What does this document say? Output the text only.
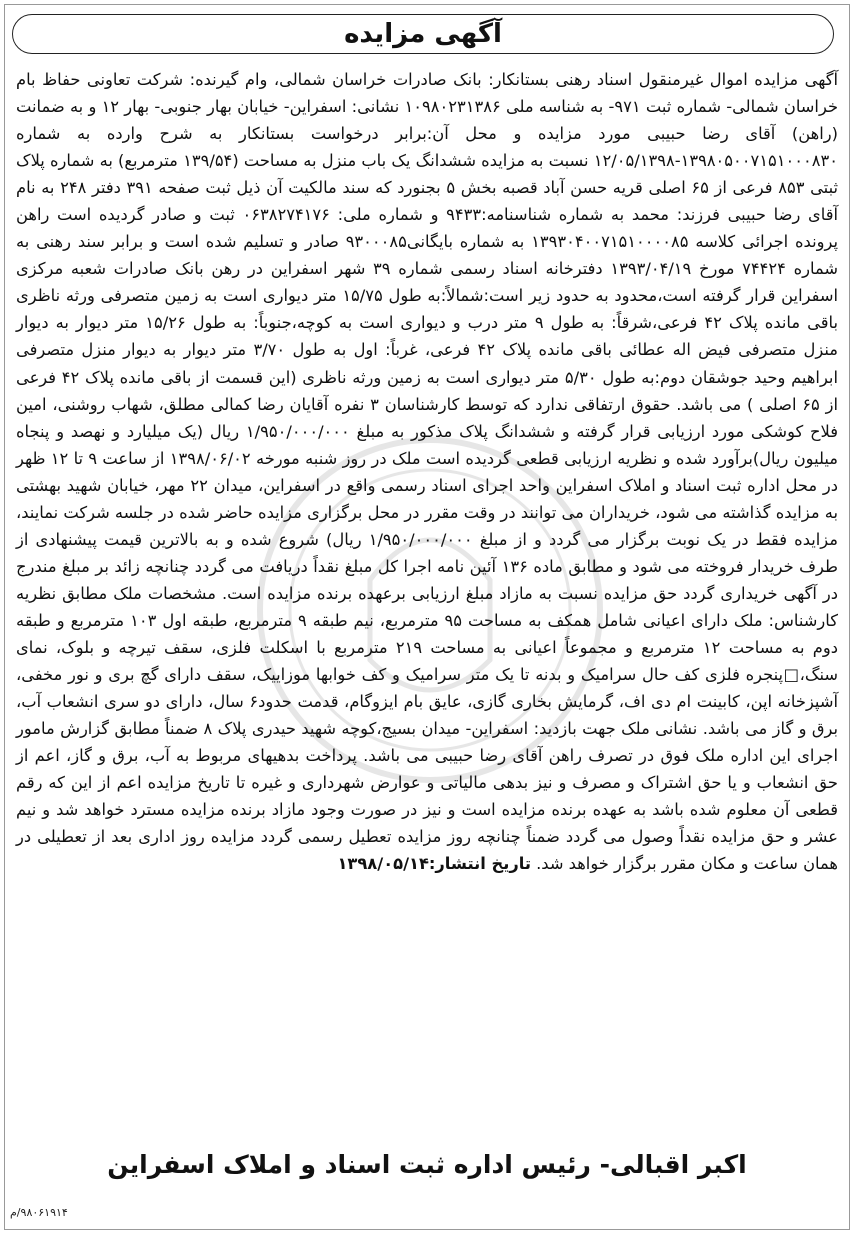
آگهی مزایده

آگهی مزایده اموال غیرمنقول اسناد رهنی بستانکار: بانک صادرات خراسان شمالی، وام گیرنده: شرکت تعاونی حفاظ بام خراسان شمالی- شماره ثبت ۹۷۱- به شناسه ملی ۱۰۹۸۰۲۳۱۳۸۶ نشانی: اسفراین- خیابان بهار جنوبی- بهار ۱۲ و به ضمانت (راهن) آقای رضا حبیبی مورد مزایده و محل آن:برابر درخواست بستانکار به شرح وارده به شماره ۱۳۹۸۰۵۰۰۷۱۵۱۰۰۰۸۳۰-۱۲/۰۵/۱۳۹۸ نسبت به مزایده ششدانگ یک باب منزل به مساحت (۱۳۹/۵۴ مترمربع) به شماره پلاک ثبتی ۸۵۳ فرعی از ۶۵ اصلی قریه حسن آباد قصبه بخش ۵ بجنورد که سند مالکیت آن ذیل ثبت صفحه ۳۹۱ دفتر ۲۴۸ به نام آقای رضا حبیبی فرزند: محمد به شماره شناسنامه:۹۴۳۳ و شماره ملی: ۰۶۳۸۲۷۴۱۷۶ ثبت و صادر گردیده است راهن پرونده اجرائی کلاسه ۱۳۹۳۰۴۰۰۷۱۵۱۰۰۰۰۸۵ به شماره بایگانی۹۳۰۰۰۸۵ صادر و تسلیم شده است و برابر سند رهنی به شماره ۷۴۴۲۴ مورخ ۱۳۹۳/۰۴/۱۹ دفترخانه اسناد رسمی شماره ۳۹ شهر اسفراین در رهن بانک صادرات شعبه مرکزی اسفراین قرار گرفته است،محدود به حدود زیر است:شمالاً:به طول ۱۵/۷۵ متر دیواری است به زمین متصرفی ورثه ناظری باقی مانده پلاک ۴۲ فرعی،شرقاً: به طول ۹ متر درب و دیواری است به کوچه،جنوباً: به طول ۱۵/۲۶ متر دیوار به دیوار منزل متصرفی فیض اله عطائی باقی مانده پلاک ۴۲ فرعی، غرباً: اول به طول ۳/۷۰ متر دیوار به دیوار منزل متصرفی ابراهیم وحید جوشقان دوم:به طول ۵/۳۰ متر دیواری است به زمین ورثه ناظری (این قسمت از باقی مانده پلاک ۴۲ فرعی از ۶۵ اصلی ) می باشد. حقوق ارتفاقی ندارد که توسط کارشناسان ۳ نفره آقایان رضا کمالی مطلق، شهاب روشنی، امین فلاح کوشکی مورد ارزیابی قرار گرفته و ششدانگ پلاک مذکور به مبلغ ۱/۹۵۰/۰۰۰/۰۰۰ ریال (یک میلیارد و نهصد و پنجاه میلیون ریال)برآورد شده و نظریه ارزیابی قطعی گردیده است ملک در روز شنبه مورخه ۱۳۹۸/۰۶/۰۲ از ساعت ۹ تا ۱۲ ظهر در محل اداره ثبت اسناد و املاک اسفراین واحد اجرای اسناد رسمی واقع در اسفراین، میدان ۲۲ مهر، خیابان شهید بهشتی به مزایده گذاشته می شود، خریداران می توانند در وقت مقرر در محل برگزاری مزایده حاضر شده در جلسه شرکت نمایند، مزایده فقط در یک نوبت برگزار می گردد و از مبلغ ۱/۹۵۰/۰۰۰/۰۰۰ ریال) شروع شده و به بالاترین قیمت پیشنهادی از طرف خریدار فروخته می شود و مطابق ماده ۱۳۶ آئین نامه اجرا کل مبلغ نقداً دریافت می گردد چنانچه زائد بر مبلغ مندرج در آگهی خریداری گردد حق مزایده نسبت به مازاد مبلغ ارزیابی برعهده برنده مزایده است. مشخصات ملک مطابق نظریه کارشناس: ملک دارای اعیانی شامل همکف به مساحت ۹۵ مترمربع، نیم طبقه ۹ مترمربع، طبقه اول ۱۰۳ مترمربع و طبقه دوم به مساحت ۱۲ مترمربع و مجموعاً اعیانی به مساحت ۲۱۹ مترمربع با اسکلت فلزی، سقف تیرچه و بلوک، نمای سنگ،□پنجره فلزی کف حال سرامیک و بدنه تا یک متر سرامیک و کف خوابها موزاییک، سقف دارای گچ بری و نور مخفی، آشپزخانه اپن، کابینت ام دی اف، گرمایش بخاری گازی، عایق بام ایزوگام، قدمت حدود۶ سال، دارای دو سری انشعاب آب، برق و گاز می باشد. نشانی ملک جهت بازدید: اسفراین- میدان بسیج،کوچه شهید حیدری پلاک ۸ ضمناً مطابق گزارش مامور اجرای این اداره ملک فوق در تصرف راهن آقای رضا حبیبی می باشد. پرداخت بدهیهای مربوط به آب، برق و گاز، اعم از حق انشعاب و یا حق اشتراک و مصرف و نیز بدهی مالیاتی و عوارض شهرداری و غیره تا تاریخ مزایده اعم از این که رقم قطعی آن معلوم شده باشد به عهده برنده مزایده است و نیز در صورت وجود مازاد برنده مزایده مسترد خواهد شد و نیم عشر و حق مزایده نقداً وصول می گردد ضمناً چنانچه روز مزایده تعطیل رسمی گردد مزایده روز اداری بعد از تعطیلی در همان ساعت و مکان مقرر برگزار خواهد شد. تاریخ انتشار:۱۳۹۸/۰۵/۱۴

اکبر اقبالی- رئیس اداره ثبت اسناد و املاک اسفراین
۹۸۰۶۱۹۱۴/م
